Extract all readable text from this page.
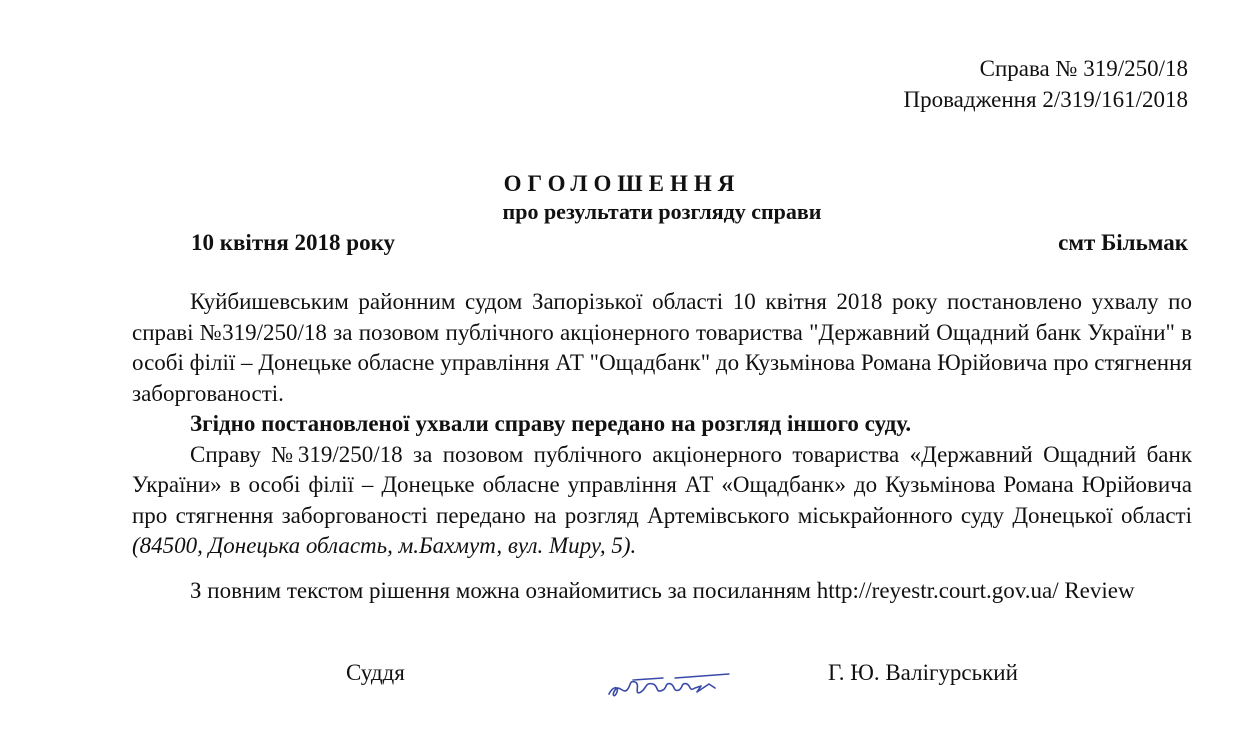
Справа № 319/250/18
Провадження 2/319/161/2018
ОГОЛОШЕННЯ
про результати розгляду справи
10 квітня 2018 року	смт Більмак

Куйбишевським районним судом Запорізької області 10 квітня 2018 року постановлено ухвалу по справі №319/250/18 за позовом публічного акціонерного товариства "Державний Ощадний банк України" в особі філії – Донецьке обласне управління АТ "Ощадбанк" до Кузьмінова Романа Юрійовича про стягнення заборгованості.

Згідно постановленої ухвали справу передано на розгляд іншого суду.

Справу №319/250/18 за позовом публічного акціонерного товариства «Державний Ощадний банк України» в особі філії – Донецьке обласне управління АТ «Ощадбанк» до Кузьмінова Романа Юрійовича про стягнення заборгованості передано на розгляд Артемівського міськрайонного суду Донецької області (84500, Донецька область, м.Бахмут, вул. Миру, 5).

З повним текстом рішення можна ознайомитись за посиланням http://reyestr.court.gov.ua/ Review

Суддя	Г. Ю. Валігурський
